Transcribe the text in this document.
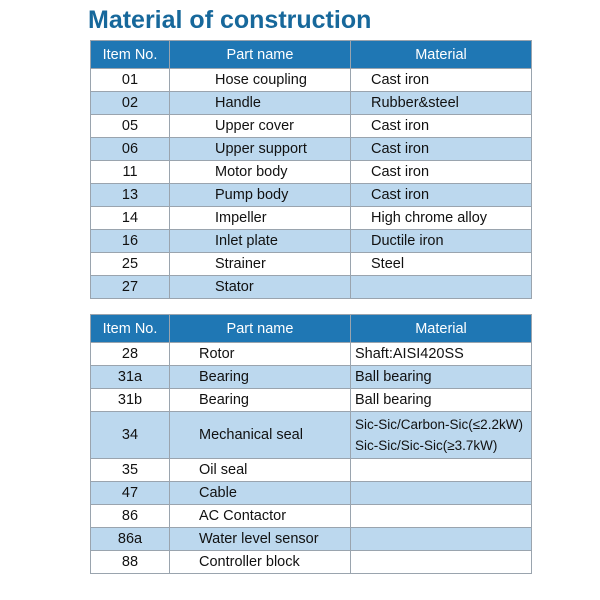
Material of construction
Item No.	Part name	Material
01	Hose coupling	Cast iron
02	Handle	Rubber&steel
05	Upper cover	Cast iron
06	Upper support	Cast iron
11	Motor body	Cast iron
13	Pump body	Cast iron
14	Impeller	High chrome alloy
16	Inlet plate	Ductile iron
25	Strainer	Steel
27	Stator	
Item No.	Part name	Material
28	Rotor	Shaft:AISI420SS
31a	Bearing	Ball bearing
31b	Bearing	Ball bearing
34	Mechanical seal	Sic-Sic/Carbon-Sic(≤2.2kW)
Sic-Sic/Sic-Sic(≥3.7kW)

35	Oil seal	
47	Cable	
86	AC Contactor	
86a	Water level sensor	
88	Controller block	
